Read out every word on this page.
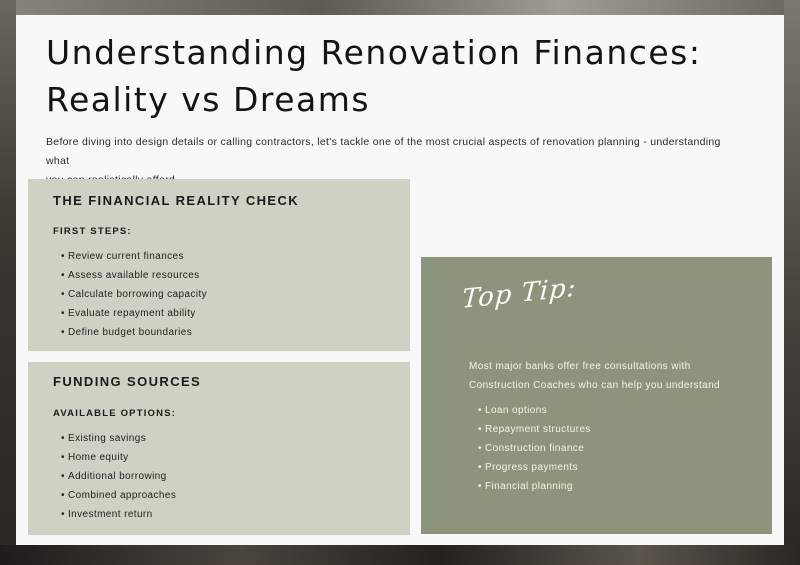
Understanding Renovation Finances:
Reality vs Dreams

Before diving into design details or calling contractors, let's tackle one of the most crucial aspects of renovation planning - understanding what

THE FINANCIAL REALITY CHECK
FIRST STEPS:
• Review current finances
• Assess available resources
• Calculate borrowing capacity
• Evaluate repayment ability
• Define budget boundaries
FUNDING SOURCES
AVAILABLE OPTIONS:
• Existing savings
• Home equity
• Additional borrowing
• Combined approaches
• Investment return
Top Tip:

Most major banks offer free consultations with
Construction Coaches who can help you understand

• Loan options
• Repayment structures
• Construction finance
• Progress payments
• Financial planning
